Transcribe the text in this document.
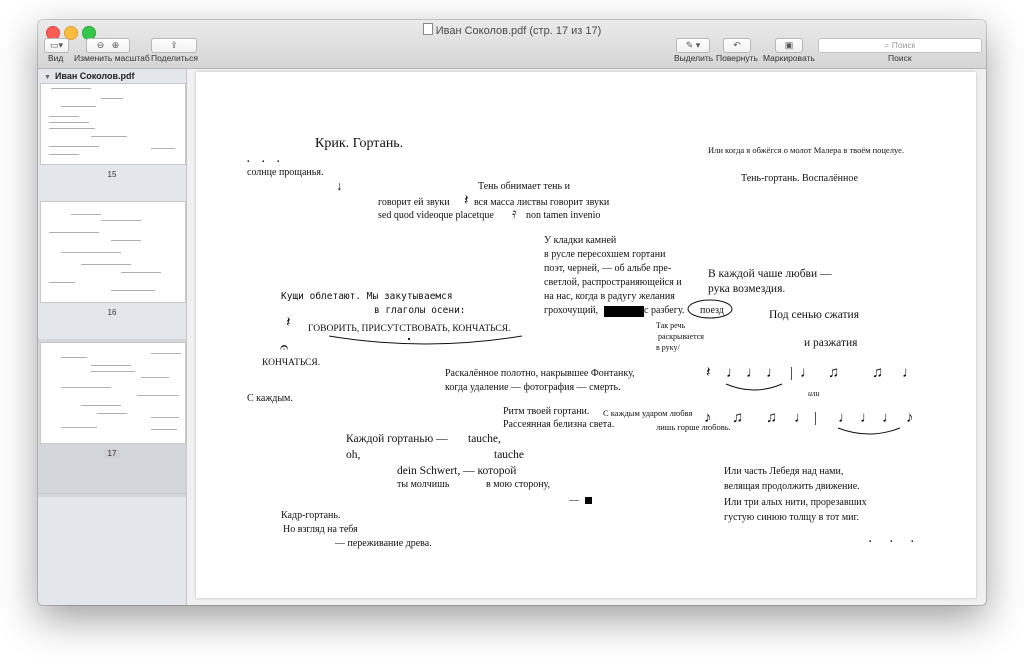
Иван Соколов.pdf (стр. 17 из 17)
▭▾
Вид
⊖ ⊕
Изменить масштаб
⇪
Поделиться
✎ ▾
Выделить
↶
Повернуть
▣
Маркировать
⌕ Поиск
Поиск
▼ Иван Соколов.pdf
15
16
17
Крик. Гортань.
. . .
солнце прощанья.
↓	Тень обнимает тень и
говорит ей звуки 𝄽 вся масса листвы говорит звуки
sed quod videoque placetque 𝄿 non tamen invenio
У кладки камней
в русле пересохшем гортани
поэт, черней, — об альбе пре-
светлой, распространяющейся и
на нас, когда в радугу желания
грохочущий,	с разбегу. поезд
Так речь
раскрывается
в руку/
Кущи облетают. Мы закутываемся
в глаголы осени:
𝄽 ГОВОРИТЬ, ПРИСУТСТВОВАТЬ, КОНЧАТЬСЯ.
𝄐
КОНЧАТЬСЯ.
Или когда я обжёгся о молот Малера в твоём поцелуе.
Тень-гортань. Воспалённое
В каждой чаше любви —
рука возмездия.
Под сенью сжатия
и разжатия
𝄽 ♩ ♩ ♩ | ♩ ♫ ♫ ♩
или
♪ ♫ ♫ ♩ | ♩ ♩ ♩ ♪
Раскалённое полотно, накрывшее Фонтанку,
когда удаление — фотография — смерть.
С каждым.
Ритм твоей гортани. С каждым ударом любвя
Рассеянная белизна света.	лишь горше любовь.
Каждой гортанью — tauche,
oh,	tauche
dein Schwert, — которой
ты молчишь	в мою сторону,
—
Или часть Лебедя над нами,
велящая продолжить движение.
Или три алых нити, прорезавших
густую синюю толщу в тот миг.
Кадр-гортань.
Но взгляд на тебя
— переживание древа.	. . .
